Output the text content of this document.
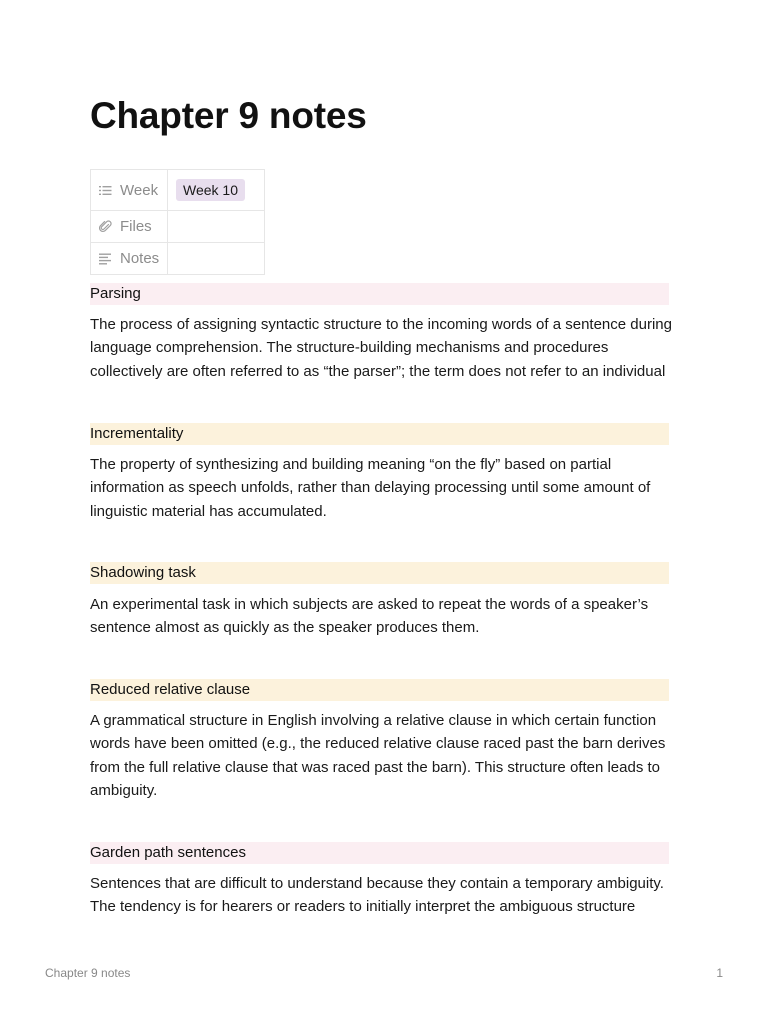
Chapter 9 notes
Week	Week 10

Files	

Notes	

Parsing

The process of assigning syntactic structure to the incoming words of a sentence during language comprehension. The structure-building mechanisms and procedures collectively are often referred to as “the parser”; the term does not refer to an individual

Incrementality

The property of synthesizing and building meaning “on the fly” based on partial information as speech unfolds, rather than delaying processing until some amount of linguistic material has accumulated.

Shadowing task

An experimental task in which subjects are asked to repeat the words of a speaker’s sentence almost as quickly as the speaker produces them.

Reduced relative clause

A grammatical structure in English involving a relative clause in which certain function words have been omitted (e.g., the reduced relative clause raced past the barn derives from the full relative clause that was raced past the barn). This structure often leads to ambiguity.

Garden path sentences

Sentences that are difficult to understand because they contain a temporary ambiguity. The tendency is for hearers or readers to initially interpret the ambiguous structure

Chapter 9 notes	1
